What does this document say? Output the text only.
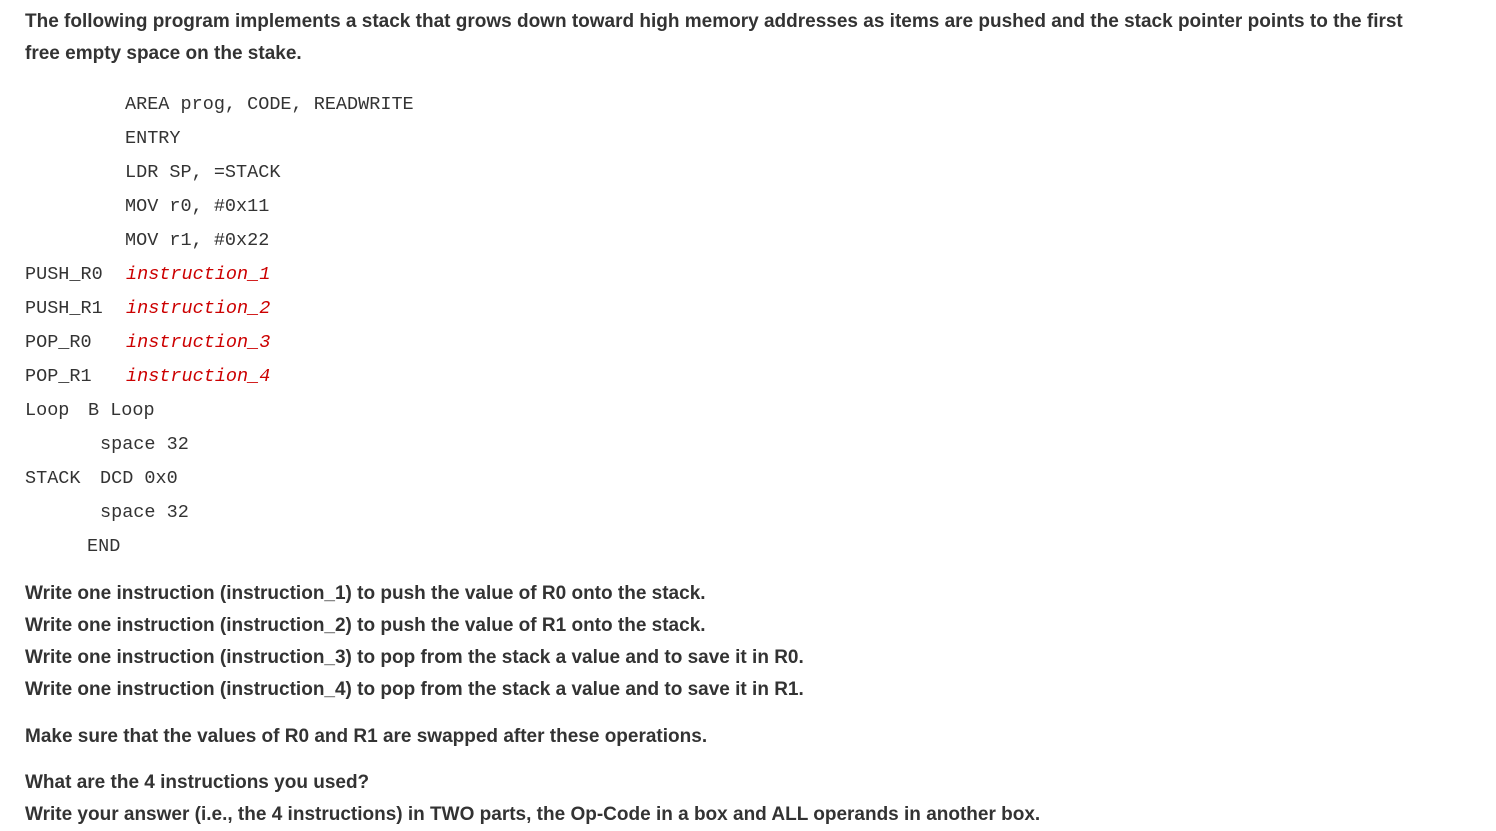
The following program implements a stack that grows down toward high memory addresses as items are pushed and the stack pointer points to the first free empty space on the stake.

AREA prog, CODE, READWRITE
ENTRY
LDR SP, =STACK
MOV r0, #0x11
MOV r1, #0x22
PUSH_R0 instruction_1
PUSH_R1 instruction_2
POP_R0 instruction_3
POP_R1 instruction_4
Loop B Loop
space 32
STACK DCD 0x0
space 32
END
Write one instruction (instruction_1) to push the value of R0 onto the stack.
Write one instruction (instruction_2) to push the value of R1 onto the stack.
Write one instruction (instruction_3) to pop from the stack a value and to save it in R0.
Write one instruction (instruction_4) to pop from the stack a value and to save it in R1.
Make sure that the values of R0 and R1 are swapped after these operations.
What are the 4 instructions you used?
Write your answer (i.e., the 4 instructions) in TWO parts, the Op-Code in a box and ALL operands in another box.
